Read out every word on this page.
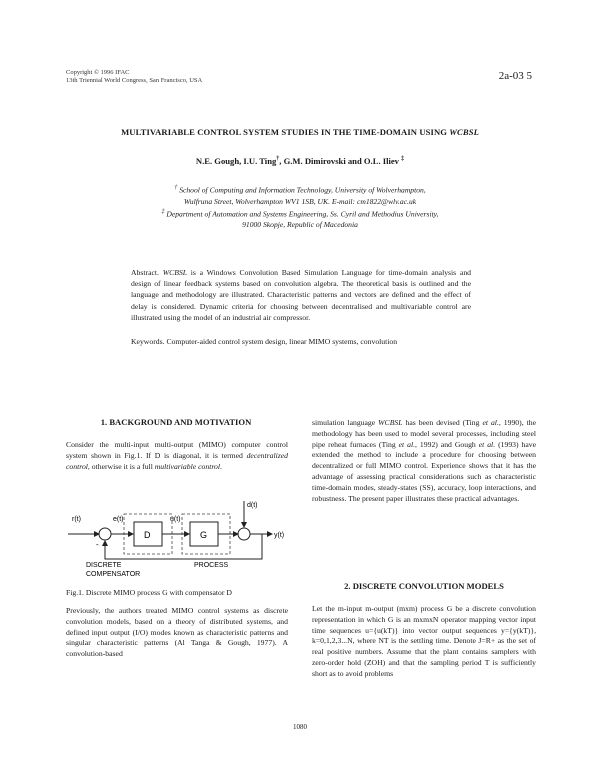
Copyright © 1996 IFAC
13th Triennial World Congress, San Francisco, USA	2a-03 5
MULTIVARIABLE CONTROL SYSTEM STUDIES IN THE TIME-DOMAIN USING WCBSL
N.E. Gough, I.U. Ting†, G.M. Dimirovski and O.L. Iliev ‡
† School of Computing and Information Technology, University of Wolverhampton,
Wulfruna Street, Wolverhampton WV1 1SB, UK. E-mail: cm1822@wlv.ac.uk
‡ Department of Automation and Systems Engineering, Ss. Cyril and Methodius University,
91000 Skopje, Republic of Macedonia
Abstract. WCBSL is a Windows Convolution Based Simulation Language for time-domain analysis and design of linear feedback systems based on convolution algebra. The theoretical basis is outlined and the language and methodology are illustrated. Characteristic patterns and vectors are defined and the effect of delay is considered. Dynamic criteria for choosing between decentralised and multivariable control are illustrated using the model of an industrial air compressor.
Keywords. Computer-aided control system design, linear MIMO systems, convolution
1. BACKGROUND AND MOTIVATION
Consider the multi-input multi-output (MIMO) computer control system shown in Fig.1. If D is diagonal, it is termed decentralized control, otherwise it is a full multivariable control.
r(t)
-
e(t)
D
u(t)
G
d(t)
y(t)
DISCRETE
COMPENSATOR
PROCESS
Fig.1. Discrete MIMO process G with compensator D
Previously, the authors treated MIMO control systems as discrete convolution models, based on a theory of distributed systems, and defined input output (I/O) modes known as characteristic patterns and singular characteristic patterns (Al Tanga & Gough, 1977). A convolution-based
simulation language WCBSL has been devised (Ting et al., 1990), the methodology has been used to model several processes, including steel pipe reheat furnaces (Ting et al., 1992) and Gough et al. (1993) have extended the method to include a procedure for choosing between decentralized or full MIMO control. Experience shows that it has the advantage of assessing practical considerations such as characteristic time-domain modes, steady-states (SS), accuracy, loop interactions, and robustness. The present paper illustrates these practical advantages.
2. DISCRETE CONVOLUTION MODELS
Let the m-input m-output (mxm) process G be a discrete convolution representation in which G is an mxmxN operator mapping vector input time sequences u={u(kT)} into vector output sequences y={y(kT)}, k=0,1,2,3...N, where NT is the settling time. Denote J=R+ as the set of real positive numbers. Assume that the plant contains samplers with zero-order hold (ZOH) and that the sampling period T is sufficiently short as to avoid problems
1080
